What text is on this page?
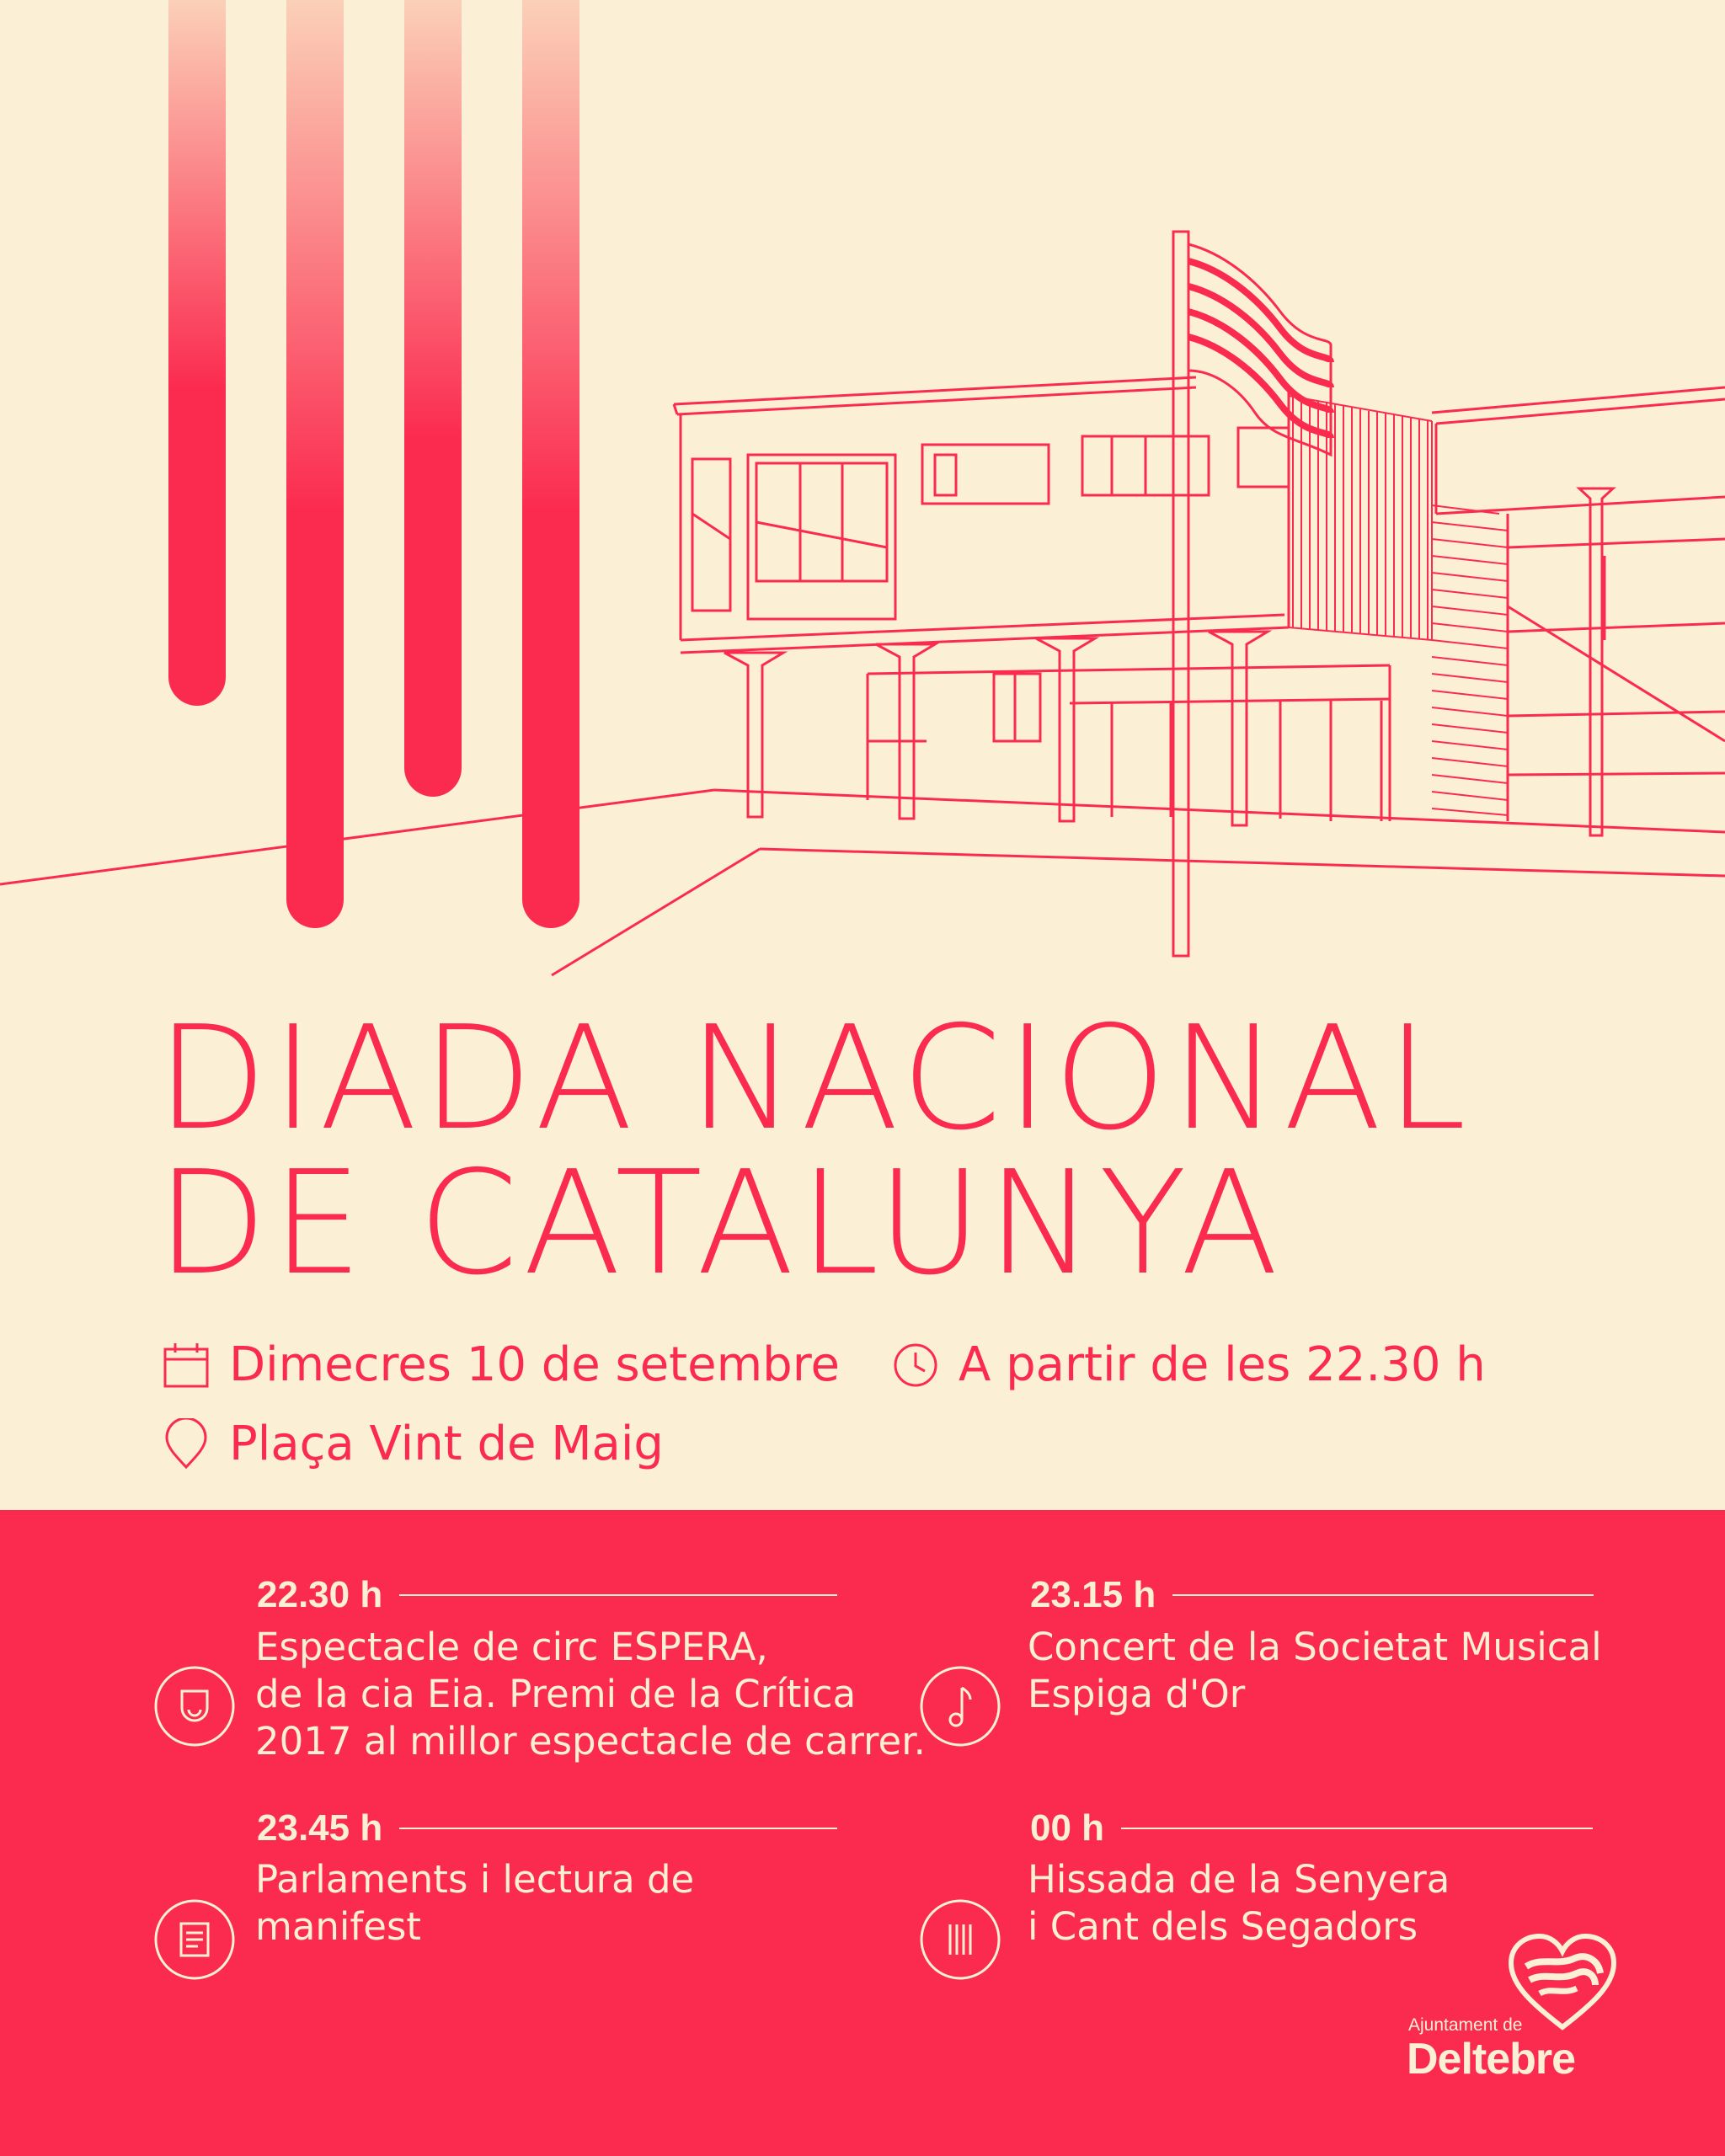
DIADA NACIONAL
DE CATALUNYA
Dimecres 10 de setembre	A partir de les 22.30 h
Plaça Vint de Maig
22.30 h
Espectacle de circ ESPERA,
de la cia Eia. Premi de la Crítica
2017 al millor espectacle de carrer.
23.15 h
Concert de la Societat Musical
Espiga d'Or
23.45 h
Parlaments i lectura de
manifest
00 h
Hissada de la Senyera
i Cant dels Segadors
Ajuntament de
Deltebre
